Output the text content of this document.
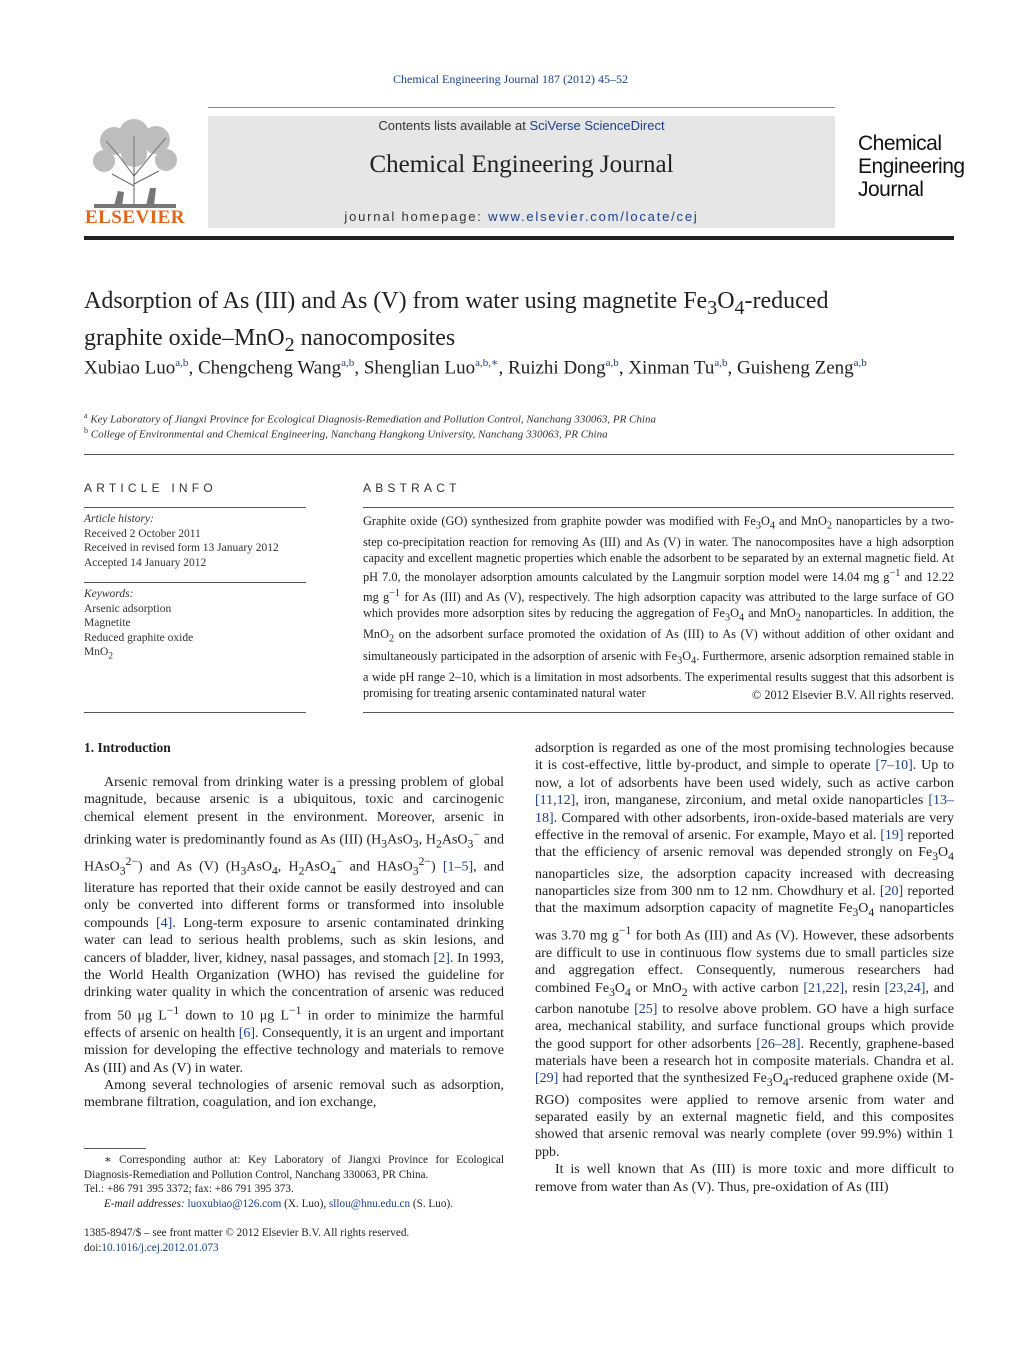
Chemical Engineering Journal 187 (2012) 45–52
ELSEVIER
Contents lists available at SciVerse ScienceDirect
Chemical Engineering Journal
journal homepage: www.elsevier.com/locate/cej
Chemical
Engineering
Journal
Adsorption of As (III) and As (V) from water using magnetite $Fe_3O_4$-reduced
graphite oxide–MnO$_2$ nanocomposites
Xubiao Luo$^{a,b}$, Chengcheng Wang$^{a,b}$, Shenglian Luo$^{a,b,∗}$, Ruizhi Dong$^{a,b}$, Xinman Tu$^{a,b}$, Guisheng Zeng$^{a,b}$
$^a$ Key Laboratory of Jiangxi Province for Ecological Diagnosis-Remediation and Pollution Control, Nanchang 330063, PR China
$^b$ College of Environmental and Chemical Engineering, Nanchang Hangkong University, Nanchang 330063, PR China
ARTICLE INFO
Article history:
Received 2 October 2011
Received in revised form 13 January 2012
Accepted 14 January 2012
Keywords:
Arsenic adsorption
Magnetite
Reduced graphite oxide
MnO$_2$
ABSTRACT
Graphite oxide (GO) synthesized from graphite powder was modified with $Fe_3O_4$ and MnO$_2$ nanoparticles by a two-step co-precipitation reaction for removing As (III) and As (V) in water. The nanocomposites have a high adsorption capacity and excellent magnetic properties which enable the adsorbent to be separated by an external magnetic field. At pH 7.0, the monolayer adsorption amounts calculated by the Langmuir sorption model were 14.04 mg $g^{-1}$ and 12.22 mg $g^{-1}$ for As (III) and As (V), respectively. The high adsorption capacity was attributed to the large surface of GO which provides more adsorption sites by reducing the aggregation of $Fe_3O_4$ and MnO$_2$ nanoparticles. In addition, the MnO$_2$ on the adsorbent surface promoted the oxidation of As (III) to As (V) without addition of other oxidant and simultaneously participated in the adsorption of arsenic with $Fe_3O_4$. Furthermore, arsenic adsorption remained stable in a wide pH range 2–10, which is a limitation in most adsorbents. The experimental results suggest that this adsorbent is promising for treating arsenic contaminated natural water	© 2012 Elsevier B.V. All rights reserved.
1. Introduction

Arsenic removal from drinking water is a pressing problem of global magnitude, because arsenic is a ubiquitous, toxic and carcinogenic chemical element present in the environment. Moreover, arsenic in drinking water is predominantly found as As (III) ($H_3AsO_3$, $H_2AsO_3^-$ and HAsO$_3^{2-}$) and As (V) ($H_3AsO_4$, $H_2AsO_4^-$ and HAsO$_3^{2-}$) [1–5], and literature has reported that their oxide cannot be easily destroyed and can only be converted into different forms or transformed into insoluble compounds [4]. Long-term exposure to arsenic contaminated drinking water can lead to serious health problems, such as skin lesions, and cancers of bladder, liver, kidney, nasal passages, and stomach [2]. In 1993, the World Health Organization (WHO) has revised the guideline for drinking water quality in which the concentration of arsenic was reduced from 50 μg $L^{-1}$ down to 10 μg $L^{-1}$ in order to minimize the harmful effects of arsenic on health [6]. Consequently, it is an urgent and important mission for developing the effective technology and materials to remove As (III) and As (V) in water.

Among several technologies of arsenic removal such as adsorption, membrane filtration, coagulation, and ion exchange,

adsorption is regarded as one of the most promising technologies because it is cost-effective, little by-product, and simple to operate [7–10]. Up to now, a lot of adsorbents have been used widely, such as active carbon [11,12], iron, manganese, zirconium, and metal oxide nanoparticles [13–18]. Compared with other adsorbents, iron-oxide-based materials are very effective in the removal of arsenic. For example, Mayo et al. [19] reported that the efficiency of arsenic removal was depended strongly on $Fe_3O_4$ nanoparticles size, the adsorption capacity increased with decreasing nanoparticles size from 300 nm to 12 nm. Chowdhury et al. [20] reported that the maximum adsorption capacity of magnetite $Fe_3O_4$ nanoparticles was 3.70 mg $g^{-1}$ for both As (III) and As (V). However, these adsorbents are difficult to use in continuous flow systems due to small particles size and aggregation effect. Consequently, numerous researchers had combined $Fe_3O_4$ or MnO$_2$ with active carbon [21,22], resin [23,24], and carbon nanotube [25] to resolve above problem. GO have a high surface area, mechanical stability, and surface functional groups which provide the good support for other adsorbents [26–28]. Recently, graphene-based materials have been a research hot in composite materials. Chandra et al. [29] had reported that the synthesized $Fe_3O_4$-reduced graphene oxide (M-RGO) composites were applied to remove arsenic from water and separated easily by an external magnetic field, and this composites showed that arsenic removal was nearly complete (over 99.9%) within 1 ppb.

It is well known that As (III) is more toxic and more difficult to remove from water than As (V). Thus, pre-oxidation of As (III)

∗ Corresponding author at: Key Laboratory of Jiangxi Province for Ecological Diagnosis-Remediation and Pollution Control, Nanchang 330063, PR China.
Tel.: +86 791 395 3372; fax: +86 791 395 373.
E-mail addresses: luoxubiao@126.com (X. Luo), sllou@hnu.edu.cn (S. Luo).
1385-8947/$ – see front matter © 2012 Elsevier B.V. All rights reserved.
doi:10.1016/j.cej.2012.01.073
